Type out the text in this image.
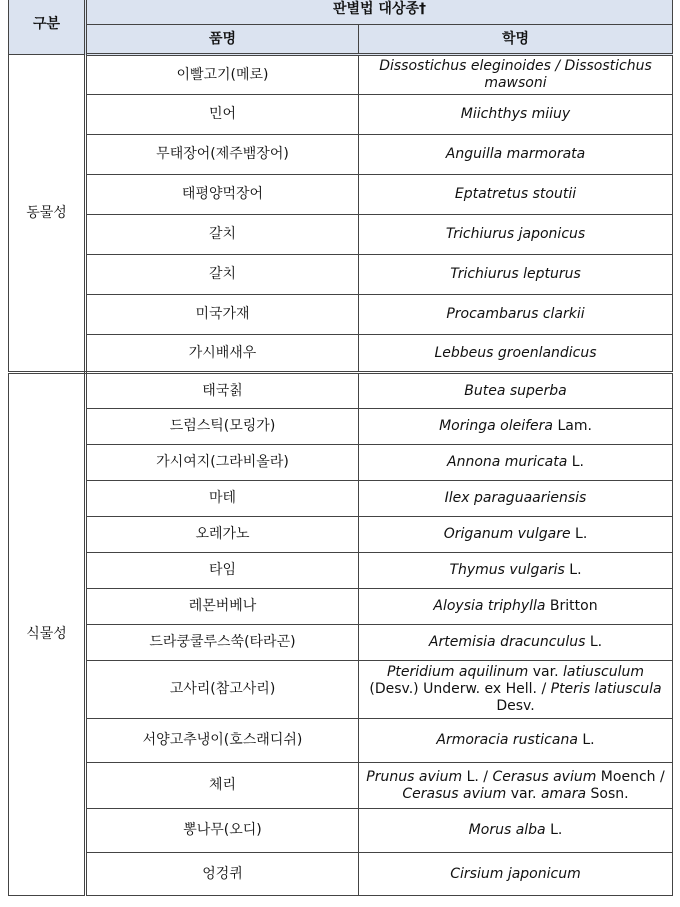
구분	판별법 대상종†	
	품명	학명
동물성	이빨고기(메로)	Dissostichus eleginoides / Dissostichus mawsoni
	민어	Miichthys miiuy
	무태장어(제주뱀장어)	Anguilla marmorata
	태평양먹장어	Eptatretus stoutii
	갈치	Trichiurus japonicus
	갈치	Trichiurus lepturus
	미국가재	Procambarus clarkii
	가시배새우	Lebbeus groenlandicus
식물성	태국칡	Butea superba
	드럼스틱(모링가)	Moringa oleifera Lam.
	가시여지(그라비올라)	Annona muricata L.
	마테	Ilex paraguaariensis
	오레가노	Origanum vulgare L.
	타임	Thymus vulgaris L.
	레몬버베나	Aloysia triphylla Britton
	드라쿵쿨루스쑥(타라곤)	Artemisia dracunculus L.
	고사리(참고사리)	Pteridium aquilinum var. latiusculum (Desv.) Underw. ex Hell. / Pteris latiuscula Desv.
	서양고추냉이(호스래디쉬)	Armoracia rusticana L.
	체리	Prunus avium L. / Cerasus avium Moench / Cerasus avium var. amara Sosn.
	뽕나무(오디)	Morus alba L.
	엉겅퀴	Cirsium japonicum
